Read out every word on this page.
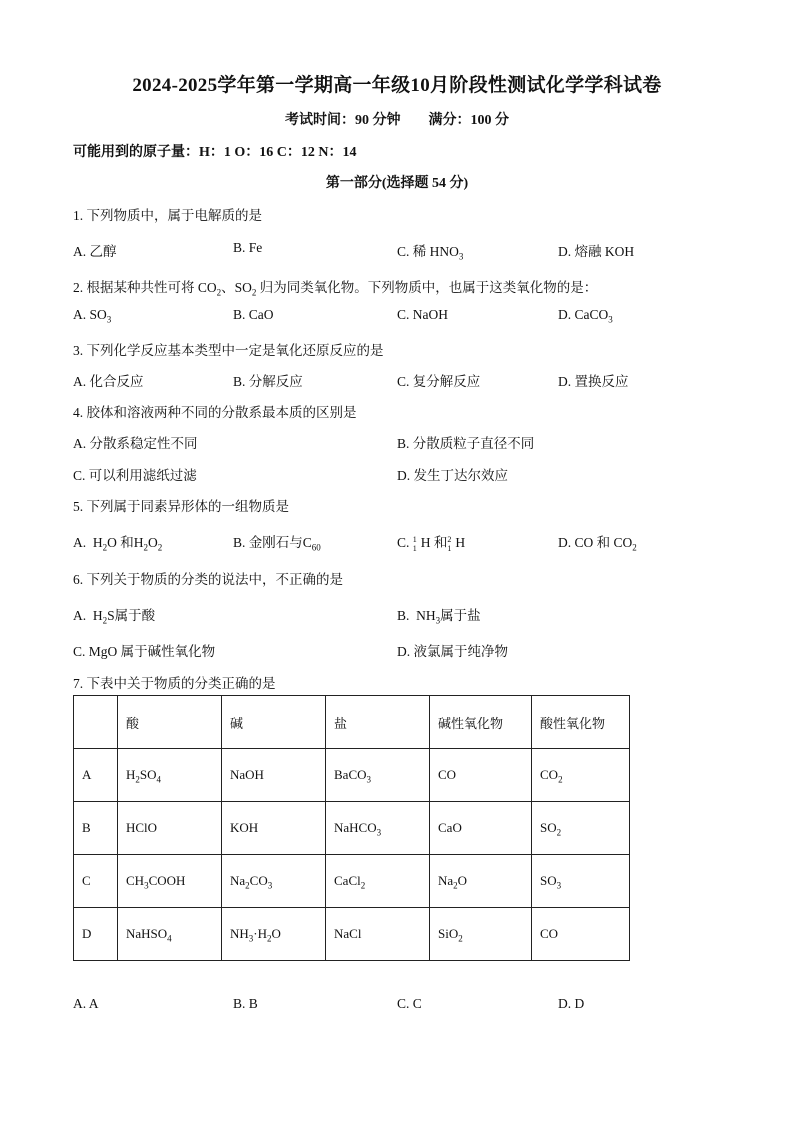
2024-2025学年第一学期高一年级10月阶段性测试化学学科试卷
考试时间：90 分钟 满分：100 分
可能用到的原子量：H：1 O：16 C：12 N：14
第一部分(选择题 54 分)
1. 下列物质中，属于电解质的是
A. 乙醇	B. Fe	C. 稀 $HNO_3$	D. 熔融 KOH
2. 根据某种共性可将 $CO_2$、$SO_2$ 归为同类氧化物。下列物质中，也属于这类氧化物的是：
A. $SO_3$	B. CaO	C. NaOH	D. CaCO$_3$
3. 下列化学反应基本类型中一定是氧化还原反应的是
A. 化合反应	B. 分解反应	C. 复分解反应	D. 置换反应
4. 胶体和溶液两种不同的分散系最本质的区别是
A. 分散系稳定性不同	B. 分散质粒子直径不同
C. 可以利用滤纸过滤	D. 发生丁达尔效应
5. 下列属于同素异形体的一组物质是
A. $H_2O$ 和$H_2O_2$	B. 金刚石与$C_{60}$	C. 1
1 H 和 2
1 H	D. CO 和 $CO_2$
6. 下列关于物质的分类的说法中，不正确的是
A. $H_2S$属于酸	B. $NH_3$属于盐
C. MgO 属于碱性氧化物	D. 液氯属于纯净物
7. 下表中关于物质的分类正确的是
	酸	碱	盐	碱性氧化物	酸性氧化物
A	$H_2SO_4$	NaOH	BaCO$_3$	CO	$CO_2$
B	HClO	KOH	NaHCO$_3$	CaO	$SO_2$
C	$CH_3COOH$	$Na_2CO_3$	CaCl$_2$	$Na_2O$	$SO_3$
D	NaHSO$_4$	$NH_3\cdot H_2O$	NaCl	SiO$_2$	CO
A. A	B. B	C. C	D. D
